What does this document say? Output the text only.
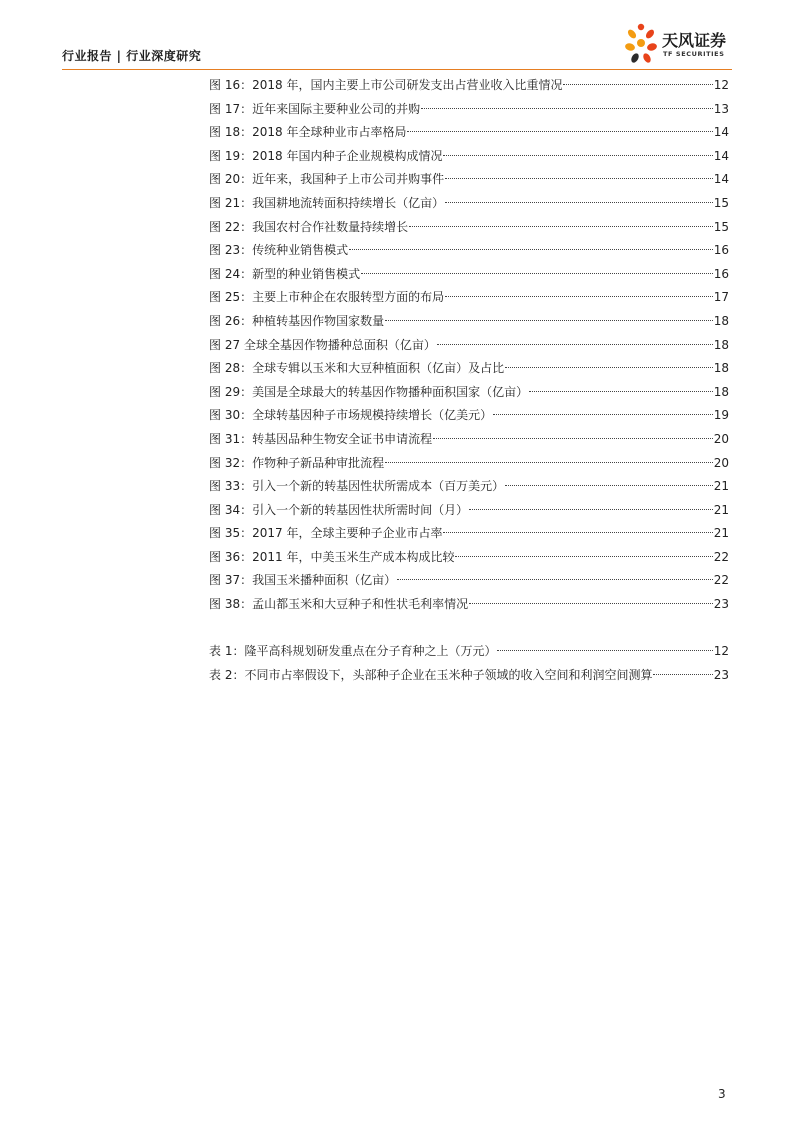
行业报告 | 行业深度研究
天风证券
TF SECURITIES
图 16：2018 年，国内主要上市公司研发支出占营业收入比重情况	12
图 17：近年来国际主要种业公司的并购	13
图 18：2018 年全球种业市占率格局	14
图 19：2018 年国内种子企业规模构成情况	14
图 20：近年来，我国种子上市公司并购事件	14
图 21：我国耕地流转面积持续增长（亿亩）	15
图 22：我国农村合作社数量持续增长	15
图 23：传统种业销售模式	16
图 24：新型的种业销售模式	16
图 25：主要上市种企在农服转型方面的布局	17
图 26：种植转基因作物国家数量	18
图 27 全球全基因作物播种总面积（亿亩）	18
图 28：全球专辑以玉米和大豆种植面积（亿亩）及占比	18
图 29：美国是全球最大的转基因作物播种面积国家（亿亩）	18
图 30：全球转基因种子市场规模持续增长（亿美元）	19
图 31：转基因品种生物安全证书申请流程	20
图 32：作物种子新品种审批流程	20
图 33：引入一个新的转基因性状所需成本（百万美元）	21
图 34：引入一个新的转基因性状所需时间（月）	21
图 35：2017 年，全球主要种子企业市占率	21
图 36：2011 年，中美玉米生产成本构成比较	22
图 37：我国玉米播种面积（亿亩）	22
图 38：孟山都玉米和大豆种子和性状毛利率情况	23
表 1：隆平高科规划研发重点在分子育种之上（万元）	12
表 2：不同市占率假设下，头部种子企业在玉米种子领域的收入空间和利润空间测算	23
3
